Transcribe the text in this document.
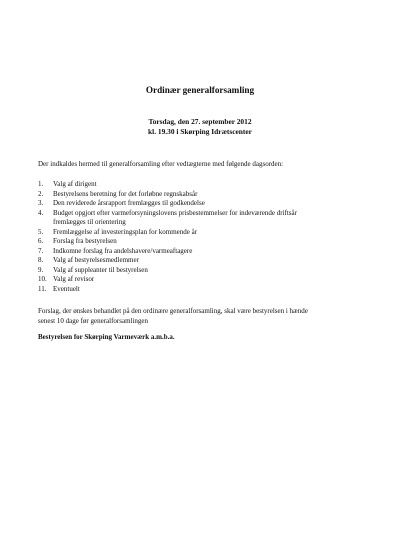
Ordinær generalforsamling
Torsdag, den 27. september 2012
kl. 19.30 i Skørping Idrætscenter
Der indkaldes hermed til generalforsamling efter vedtægterne med følgende dagsorden:
1.	Valg af dirigent
2.	Bestyrelsens beretning for det forløbne regnskabsår
3.	Den reviderede årsrapport fremlægges til godkendelse
4.	Budget opgjort efter varmeforsyningslovens prisbestemmelser for indeværende driftsår
fremlægges til orientering
5.	Fremlæggelse af investeringsplan for kommende år
6.	Forslag fra bestyrelsen
7.	Indkomne forslag fra andelshavere/varmeaftagere
8.	Valg af bestyrelsesmedlemmer
9.	Valg af suppleanter til bestyrelsen
10. Valg af revisor
11. Eventuelt
Forslag, der ønskes behandlet på den ordinære generalforsamling, skal være bestyrelsen i hænde
senest 10 dage før generalforsamlingen
Bestyrelsen for Skørping Varmeværk a.m.b.a.
